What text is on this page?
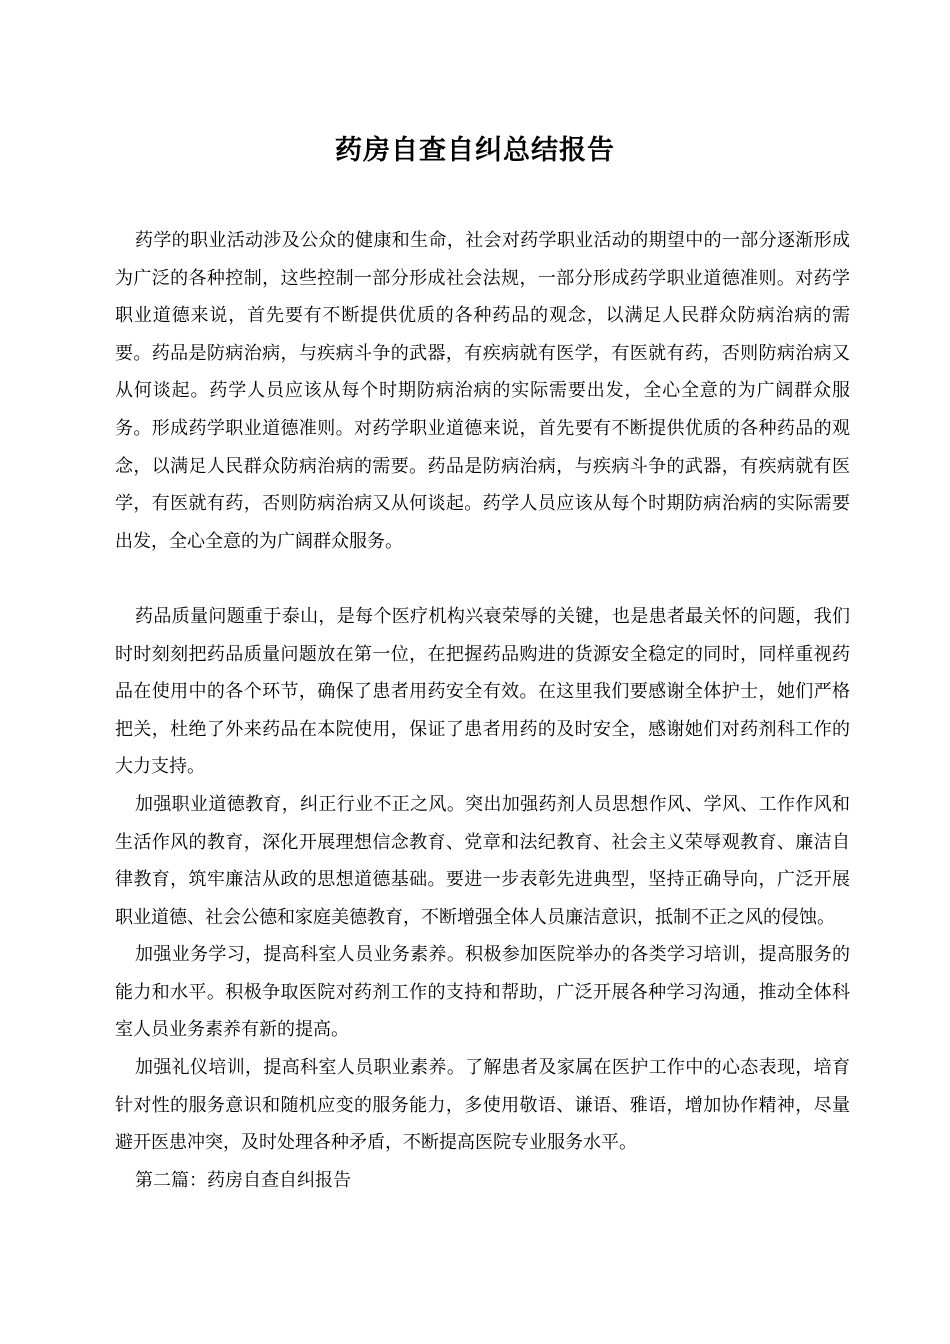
药房自查自纠总结报告

药学的职业活动涉及公众的健康和生命，社会对药学职业活动的期望中的一部分逐渐形成为广泛的各种控制，这些控制一部分形成社会法规，一部分形成药学职业道德准则。对药学职业道德来说，首先要有不断提供优质的各种药品的观念，以满足人民群众防病治病的需要。药品是防病治病，与疾病斗争的武器，有疾病就有医学，有医就有药，否则防病治病又从何谈起。药学人员应该从每个时期防病治病的实际需要出发，全心全意的为广阔群众服务。形成药学职业道德准则。对药学职业道德来说，首先要有不断提供优质的各种药品的观念，以满足人民群众防病治病的需要。药品是防病治病，与疾病斗争的武器，有疾病就有医学，有医就有药，否则防病治病又从何谈起。药学人员应该从每个时期防病治病的实际需要出发，全心全意的为广阔群众服务。

药品质量问题重于泰山，是每个医疗机构兴衰荣辱的关键，也是患者最关怀的问题，我们时时刻刻把药品质量问题放在第一位，在把握药品购进的货源安全稳定的同时，同样重视药品在使用中的各个环节，确保了患者用药安全有效。在这里我们要感谢全体护士，她们严格把关，杜绝了外来药品在本院使用，保证了患者用药的及时安全，感谢她们对药剂科工作的大力支持。

加强职业道德教育，纠正行业不正之风。突出加强药剂人员思想作风、学风、工作作风和生活作风的教育，深化开展理想信念教育、党章和法纪教育、社会主义荣辱观教育、廉洁自律教育，筑牢廉洁从政的思想道德基础。要进一步表彰先进典型，坚持正确导向，广泛开展职业道德、社会公德和家庭美德教育，不断增强全体人员廉洁意识，抵制不正之风的侵蚀。

加强业务学习，提高科室人员业务素养。积极参加医院举办的各类学习培训，提高服务的能力和水平。积极争取医院对药剂工作的支持和帮助，广泛开展各种学习沟通，推动全体科室人员业务素养有新的提高。

加强礼仪培训，提高科室人员职业素养。了解患者及家属在医护工作中的心态表现，培育针对性的服务意识和随机应变的服务能力，多使用敬语、谦语、雅语，增加协作精神，尽量避开医患冲突，及时处理各种矛盾，不断提高医院专业服务水平。

第二篇：药房自查自纠报告
